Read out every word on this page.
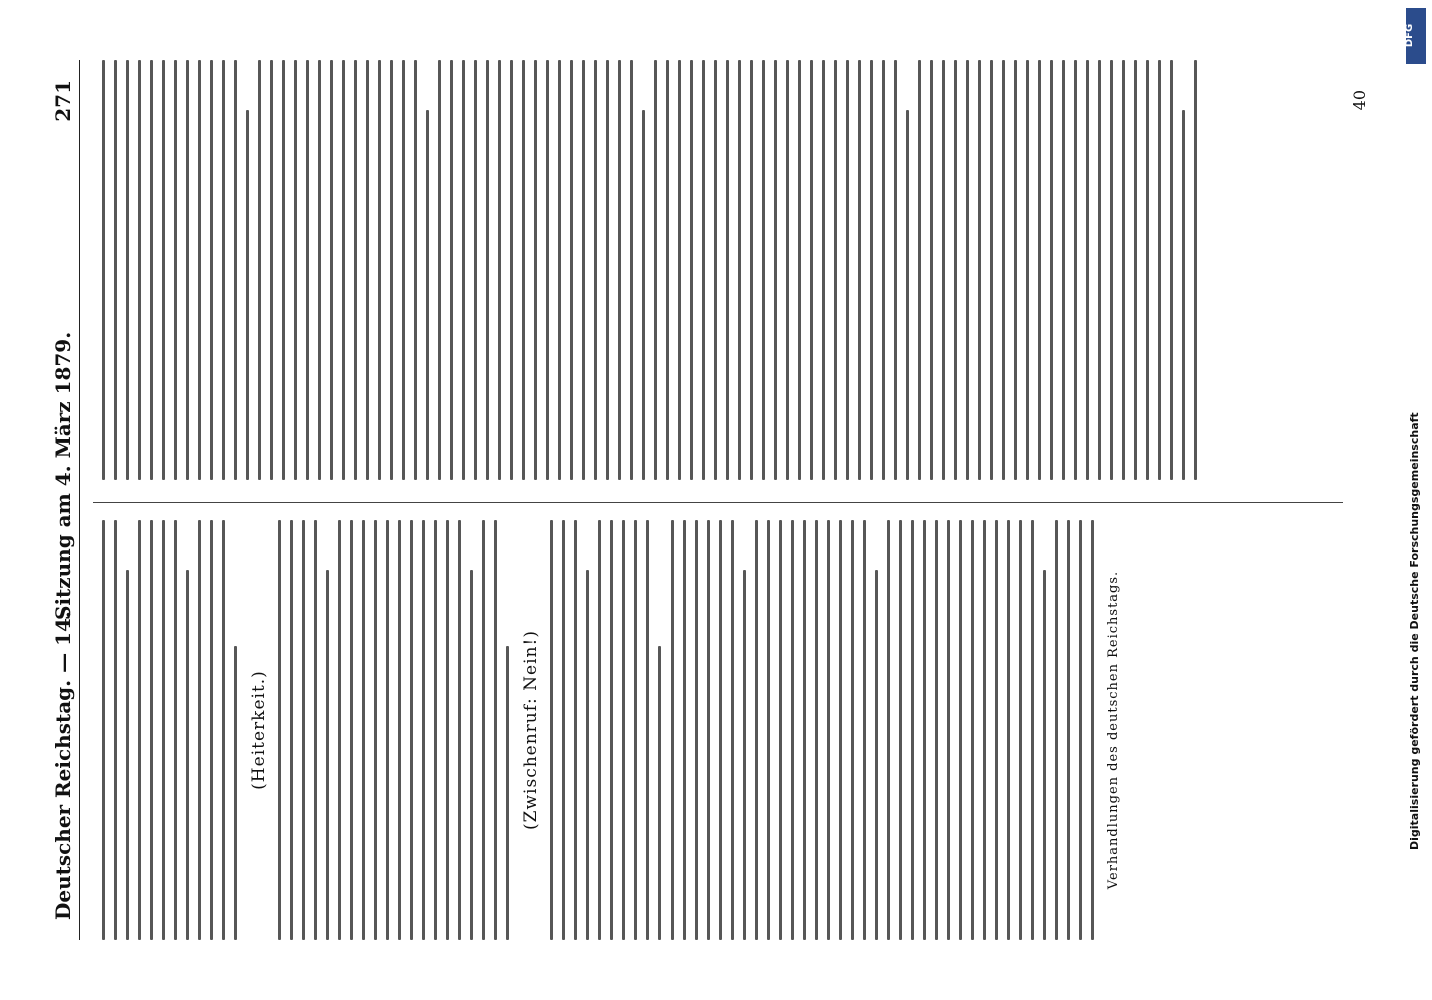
Deutscher Reichstag. — 14.
Sitzung am 4. März 1879.
271
(Heiterkeit.)	(Zwischenruf: Nein!)	Verhandlungen des deutschen Reichstags.
40
DFG
Digitalisierung gefördert durch die Deutsche Forschungsgemeinschaft
